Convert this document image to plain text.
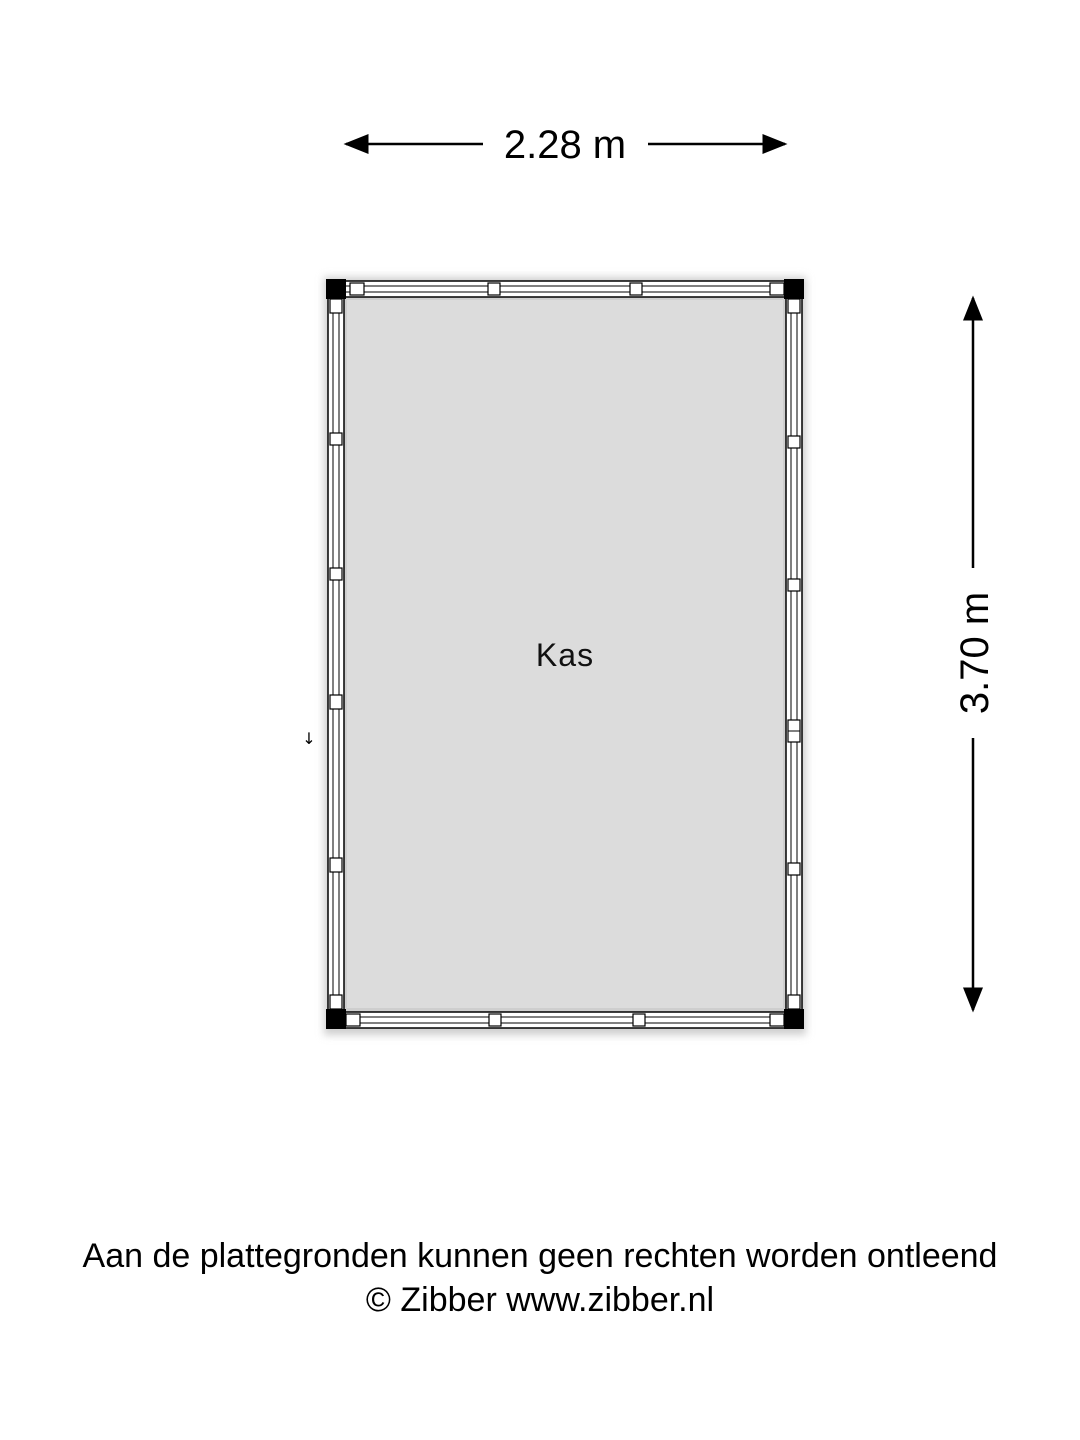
2.28 m
3.70 m
Kas
↓
Aan de plattegronden kunnen geen rechten worden ontleend
© Zibber www.zibber.nl
